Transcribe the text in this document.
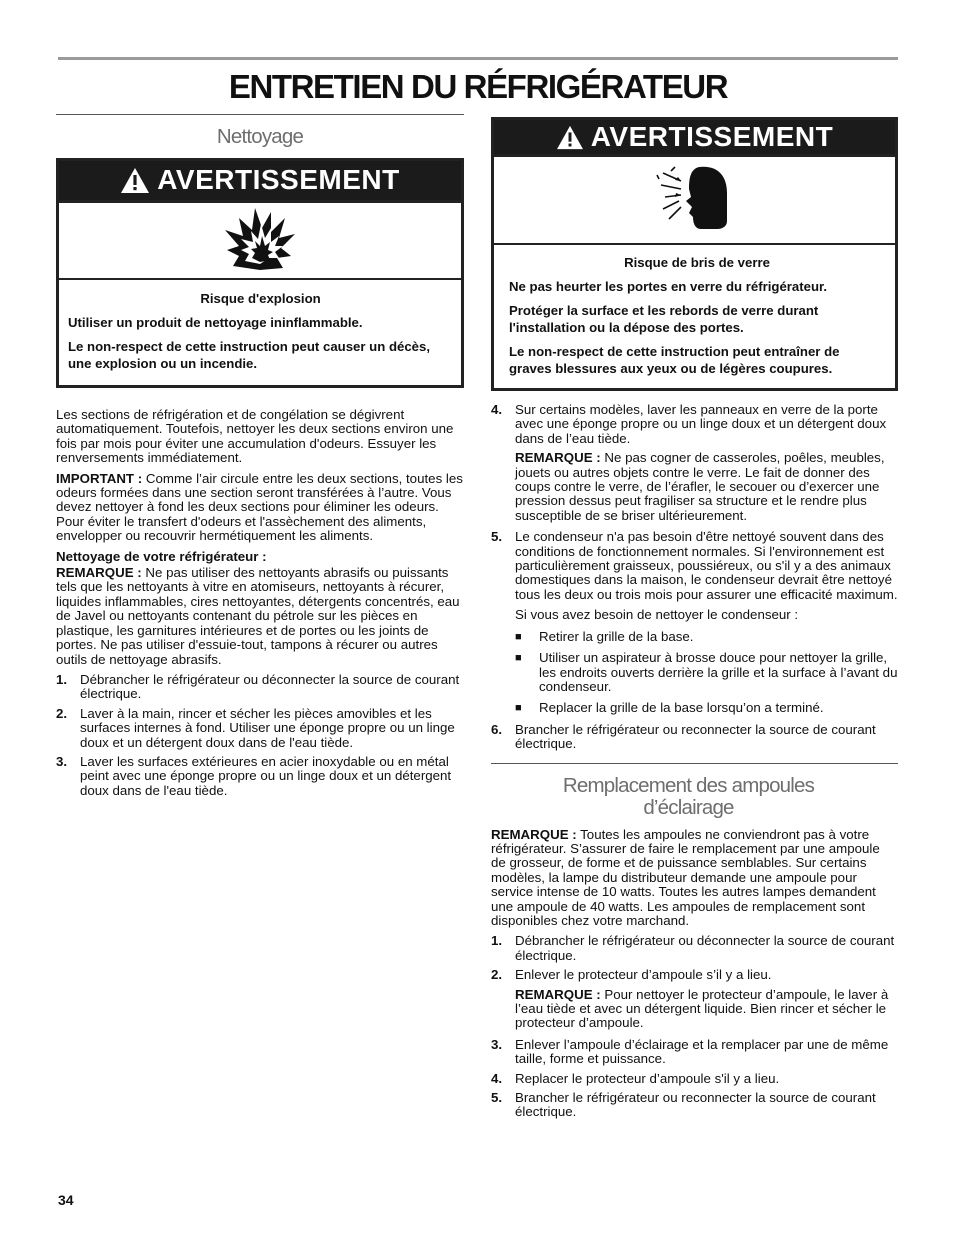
ENTRETIEN DU RÉFRIGÉRATEUR
Nettoyage
AVERTISSEMENT
Risque d'explosion

Utiliser un produit de nettoyage ininflammable.

Le non-respect de cette instruction peut causer un décès, une explosion ou un incendie.

Les sections de réfrigération et de congélation se dégivrent automatiquement. Toutefois, nettoyer les deux sections environ une fois par mois pour éviter une accumulation d'odeurs. Essuyer les renversements immédiatement.

IMPORTANT : Comme l’air circule entre les deux sections, toutes les odeurs formées dans une section seront transférées à l’autre. Vous devez nettoyer à fond les deux sections pour éliminer les odeurs. Pour éviter le transfert d'odeurs et l'assèchement des aliments, envelopper ou recouvrir hermétiquement les aliments.

Nettoyage de votre réfrigérateur :

REMARQUE : Ne pas utiliser des nettoyants abrasifs ou puissants tels que les nettoyants à vitre en atomiseurs, nettoyants à récurer, liquides inflammables, cires nettoyantes, détergents concentrés, eau de Javel ou nettoyants contenant du pétrole sur les pièces en plastique, les garnitures intérieures et de portes ou les joints de portes. Ne pas utiliser d'essuie-tout, tampons à récurer ou autres outils de nettoyage abrasifs.

1. Débrancher le réfrigérateur ou déconnecter la source de courant électrique.
2. Laver à la main, rincer et sécher les pièces amovibles et les surfaces internes à fond. Utiliser une éponge propre ou un linge doux et un détergent doux dans de l'eau tiède.
3. Laver les surfaces extérieures en acier inoxydable ou en métal peint avec une éponge propre ou un linge doux et un détergent doux dans de l'eau tiède.
AVERTISSEMENT
Risque de bris de verre

Ne pas heurter les portes en verre du réfrigérateur.

Protéger la surface et les rebords de verre durant l'installation ou la dépose des portes.

Le non-respect de cette instruction peut entraîner de graves blessures aux yeux ou de légères coupures.

4. Sur certains modèles, laver les panneaux en verre de la porte avec une éponge propre ou un linge doux et un détergent doux dans de l’eau tiède.
REMARQUE : Ne pas cogner de casseroles, poêles, meubles, jouets ou autres objets contre le verre. Le fait de donner des coups contre le verre, de l’érafler, le secouer ou d’exercer une pression dessus peut fragiliser sa structure et le rendre plus susceptible de se briser ultérieurement.
5. Le condenseur n'a pas besoin d'être nettoyé souvent dans des conditions de fonctionnement normales. Si l'environnement est particulièrement graisseux, poussiéreux, ou s'il y a des animaux domestiques dans la maison, le condenseur devrait être nettoyé tous les deux ou trois mois pour assurer une efficacité maximum.
Si vous avez besoin de nettoyer le condenseur :
■ Retirer la grille de la base.
■ Utiliser un aspirateur à brosse douce pour nettoyer la grille, les endroits ouverts derrière la grille et la surface à l’avant du condenseur.
■ Replacer la grille de la base lorsqu’on a terminé.
6. Brancher le réfrigérateur ou reconnecter la source de courant électrique.
Remplacement des ampoules
d’éclairage

REMARQUE : Toutes les ampoules ne conviendront pas à votre réfrigérateur. S’assurer de faire le remplacement par une ampoule de grosseur, de forme et de puissance semblables. Sur certains modèles, la lampe du distributeur demande une ampoule pour service intense de 10 watts. Toutes les autres lampes demandent une ampoule de 40 watts. Les ampoules de remplacement sont disponibles chez votre marchand.

1. Débrancher le réfrigérateur ou déconnecter la source de courant électrique.
2. Enlever le protecteur d’ampoule s’il y a lieu.
REMARQUE : Pour nettoyer le protecteur d’ampoule, le laver à l’eau tiède et avec un détergent liquide. Bien rincer et sécher le protecteur d’ampoule.
3. Enlever l’ampoule d’éclairage et la remplacer par une de même taille, forme et puissance.
4. Replacer le protecteur d’ampoule s'il y a lieu.
5. Brancher le réfrigérateur ou reconnecter la source de courant électrique.
34
